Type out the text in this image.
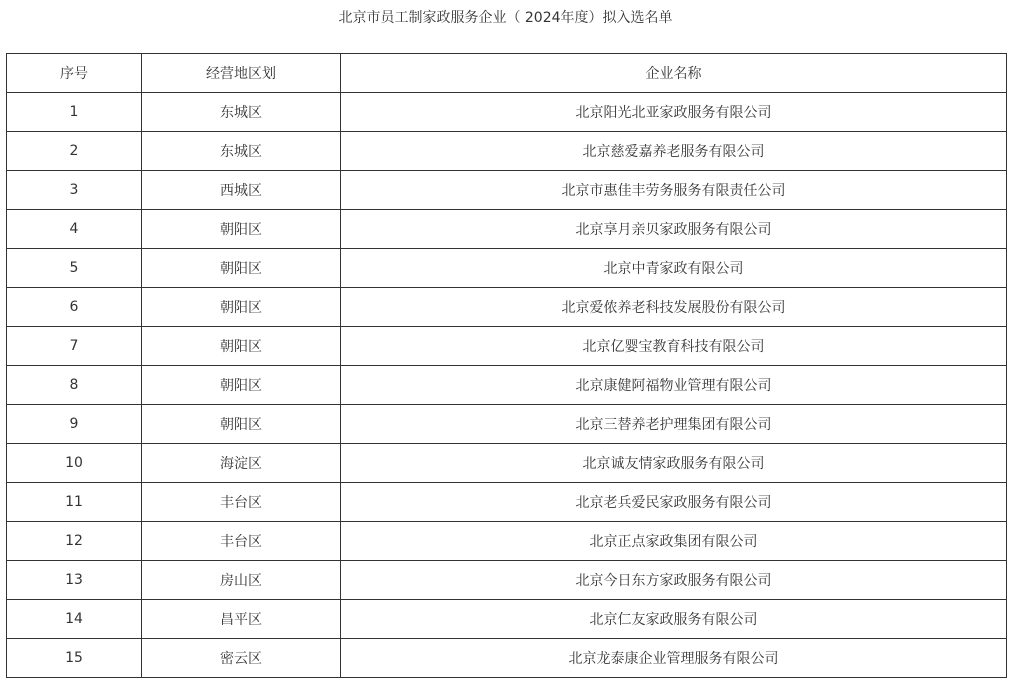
北京市员工制家政服务企业（ 2024年度）拟入选名单
序号	经营地区划	企业名称
1	东城区	北京阳光北亚家政服务有限公司
2	东城区	北京慈爱嘉养老服务有限公司
3	西城区	北京市惠佳丰劳务服务有限责任公司
4	朝阳区	北京享月亲贝家政服务有限公司
5	朝阳区	北京中青家政有限公司
6	朝阳区	北京爱侬养老科技发展股份有限公司
7	朝阳区	北京亿婴宝教育科技有限公司
8	朝阳区	北京康健阿福物业管理有限公司
9	朝阳区	北京三替养老护理集团有限公司
10	海淀区	北京诚友情家政服务有限公司
11	丰台区	北京老兵爱民家政服务有限公司
12	丰台区	北京正点家政集团有限公司
13	房山区	北京今日东方家政服务有限公司
14	昌平区	北京仁友家政服务有限公司
15	密云区	北京龙泰康企业管理服务有限公司
